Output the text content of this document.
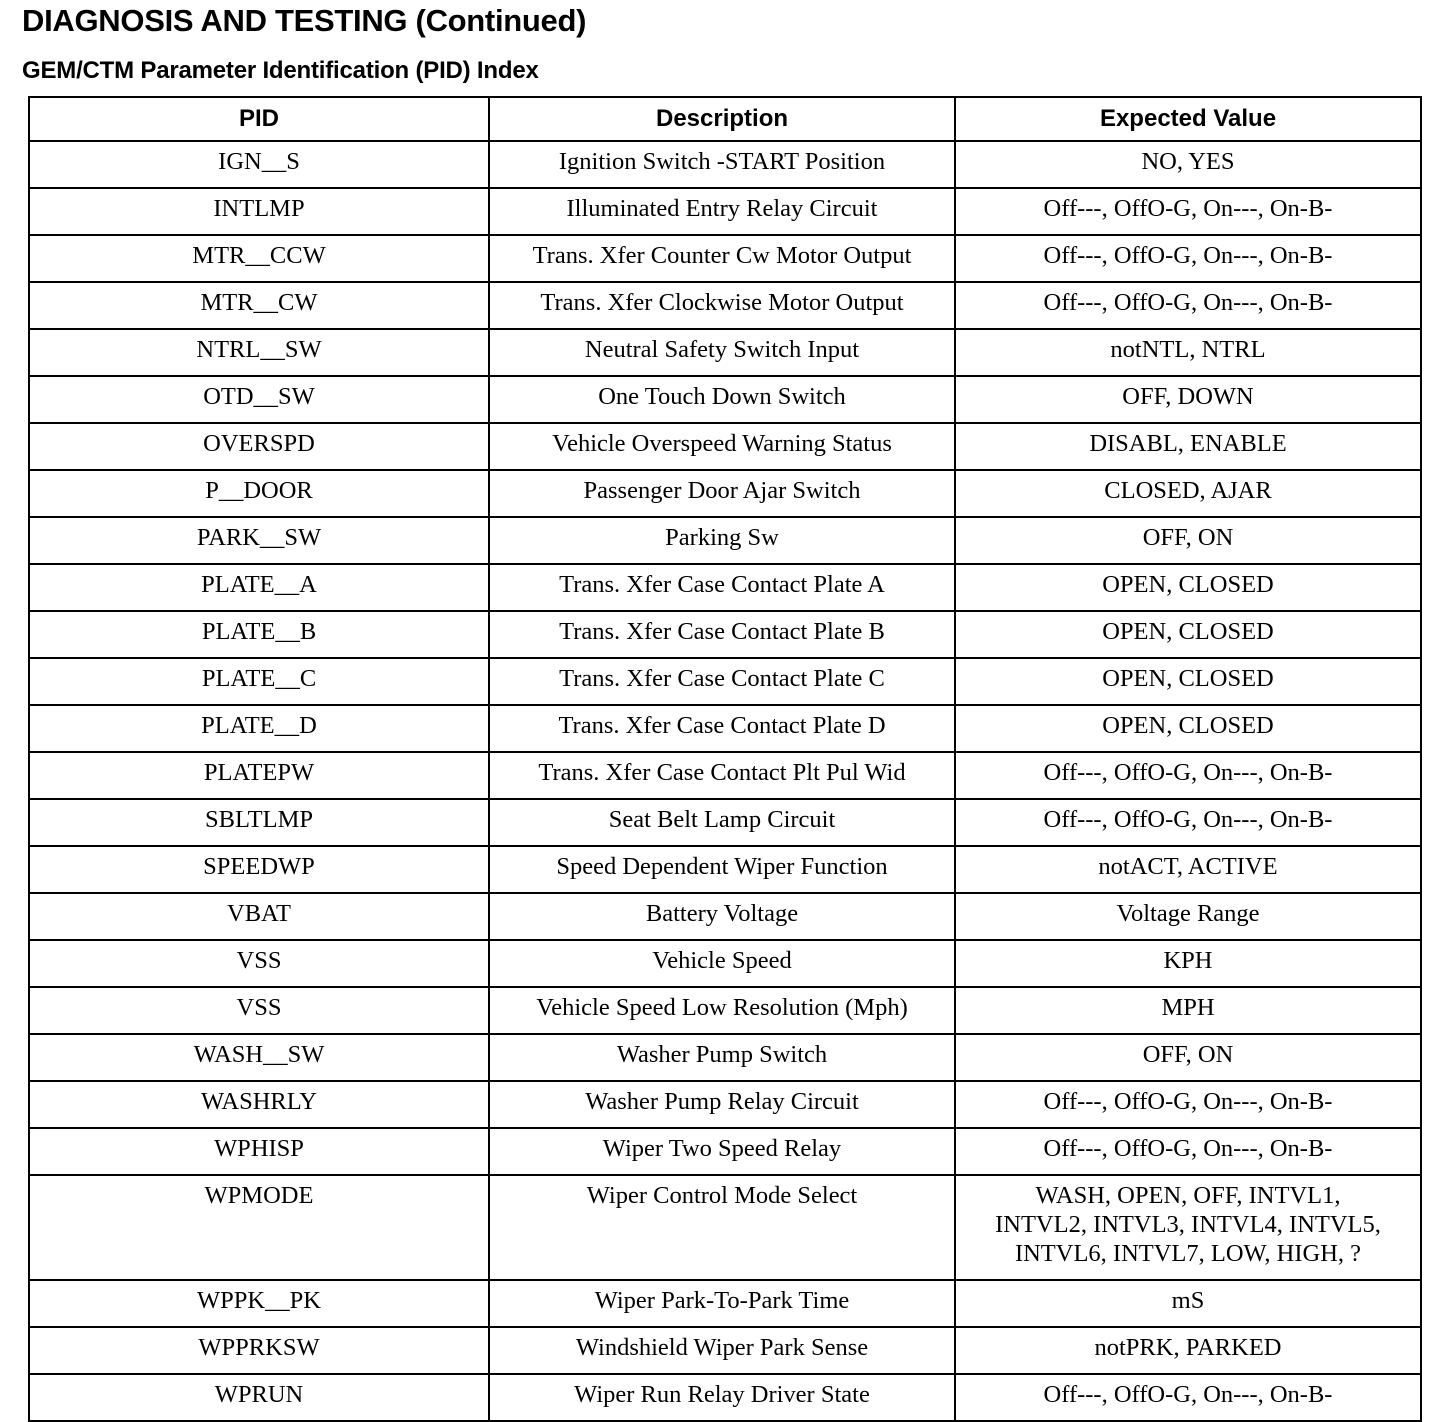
DIAGNOSIS AND TESTING (Continued)
GEM/CTM Parameter Identification (PID) Index
PID	Description	Expected Value
IGN__S	Ignition Switch -START Position	NO, YES
INTLMP	Illuminated Entry Relay Circuit	Off---, OffO-G, On---, On-B-
MTR__CCW	Trans. Xfer Counter Cw Motor Output	Off---, OffO-G, On---, On-B-
MTR__CW	Trans. Xfer Clockwise Motor Output	Off---, OffO-G, On---, On-B-
NTRL__SW	Neutral Safety Switch Input	notNTL, NTRL
OTD__SW	One Touch Down Switch	OFF, DOWN
OVERSPD	Vehicle Overspeed Warning Status	DISABL, ENABLE
P__DOOR	Passenger Door Ajar Switch	CLOSED, AJAR
PARK__SW	Parking Sw	OFF, ON
PLATE__A	Trans. Xfer Case Contact Plate A	OPEN, CLOSED
PLATE__B	Trans. Xfer Case Contact Plate B	OPEN, CLOSED
PLATE__C	Trans. Xfer Case Contact Plate C	OPEN, CLOSED
PLATE__D	Trans. Xfer Case Contact Plate D	OPEN, CLOSED
PLATEPW	Trans. Xfer Case Contact Plt Pul Wid	Off---, OffO-G, On---, On-B-
SBLTLMP	Seat Belt Lamp Circuit	Off---, OffO-G, On---, On-B-
SPEEDWP	Speed Dependent Wiper Function	notACT, ACTIVE
VBAT	Battery Voltage	Voltage Range
VSS	Vehicle Speed	KPH
VSS	Vehicle Speed Low Resolution (Mph)	MPH
WASH__SW	Washer Pump Switch	OFF, ON
WASHRLY	Washer Pump Relay Circuit	Off---, OffO-G, On---, On-B-
WPHISP	Wiper Two Speed Relay	Off---, OffO-G, On---, On-B-
WPMODE	Wiper Control Mode Select	WASH, OPEN, OFF, INTVL1,
INTVL2, INTVL3, INTVL4, INTVL5,
INTVL6, INTVL7, LOW, HIGH, ?

WPPK__PK	Wiper Park-To-Park Time	mS
WPPRKSW	Windshield Wiper Park Sense	notPRK, PARKED
WPRUN	Wiper Run Relay Driver State	Off---, OffO-G, On---, On-B-
